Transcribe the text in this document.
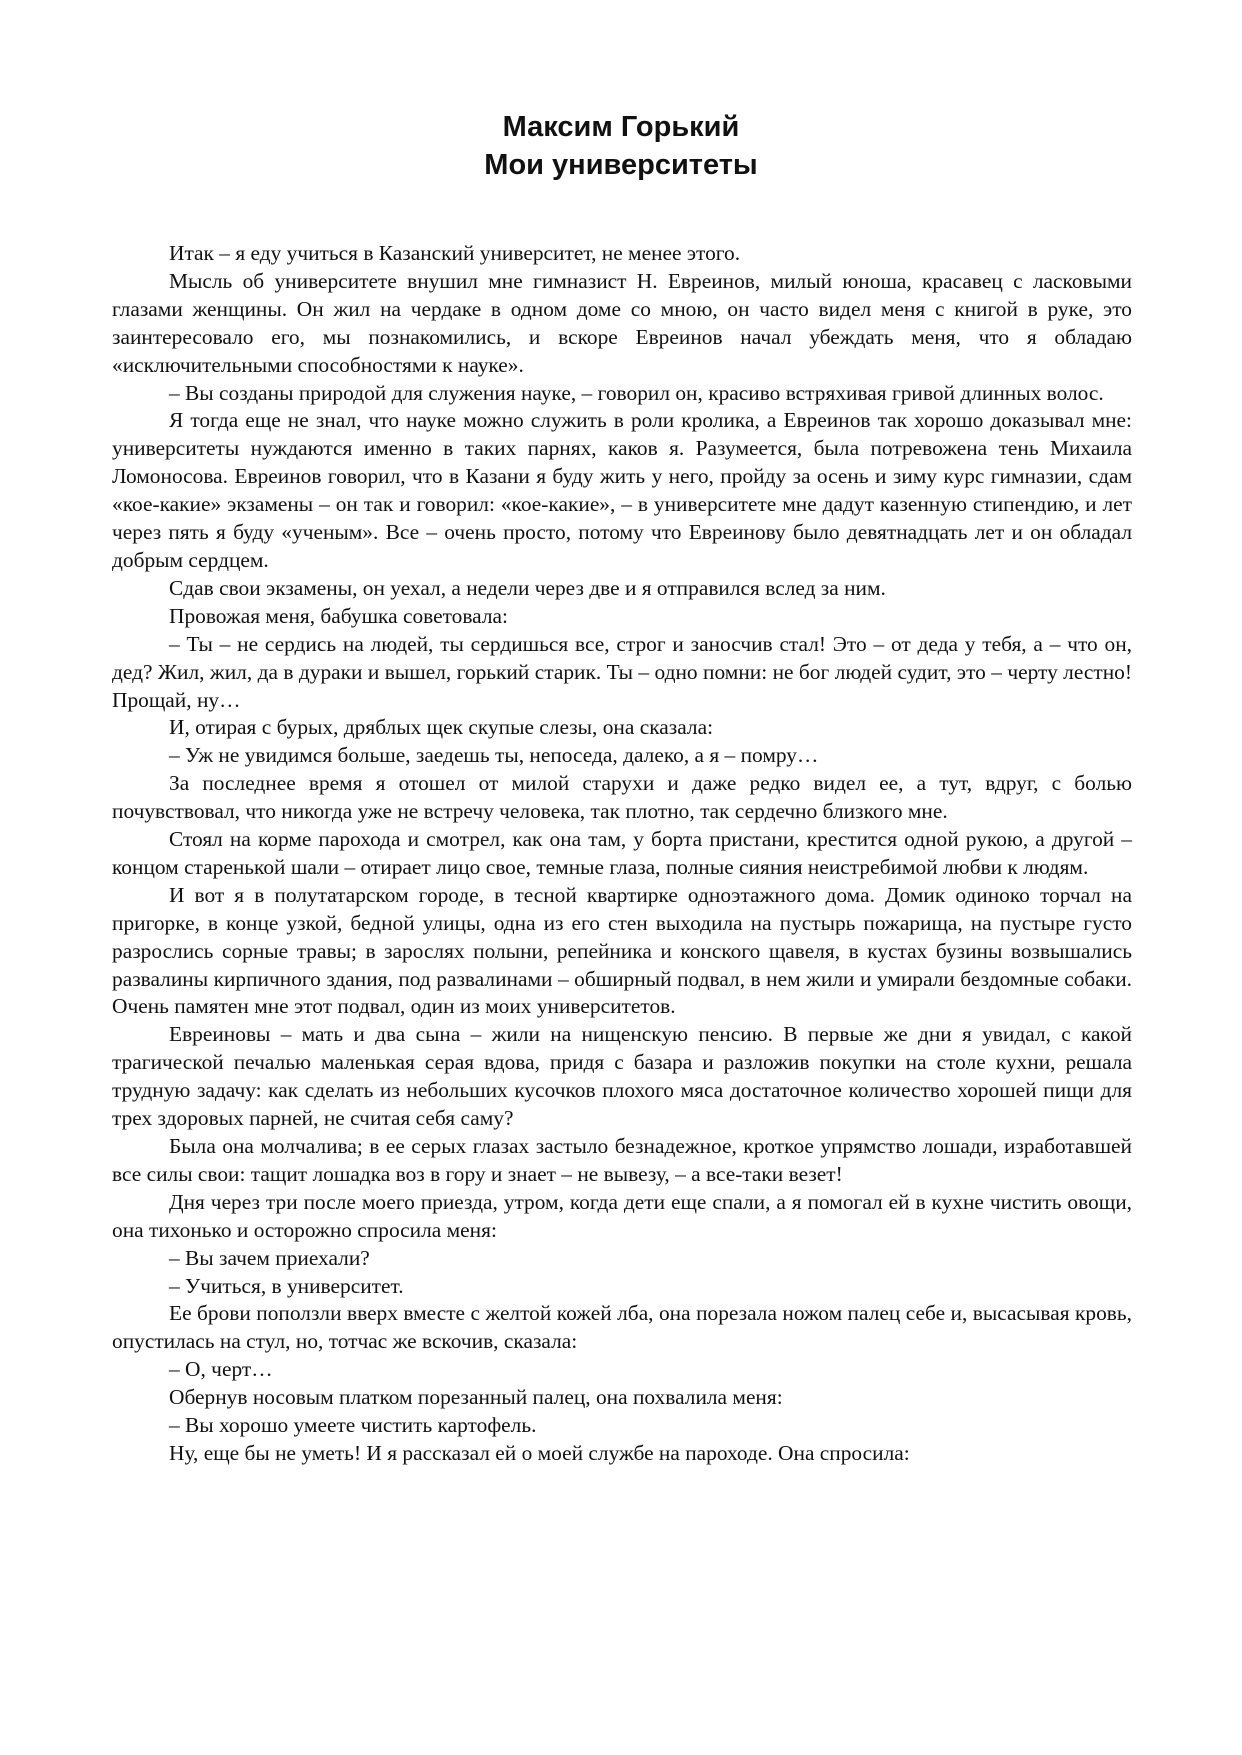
Максим Горький
Мои университеты

Итак – я еду учиться в Казанский университет, не менее этого.

Мысль об университете внушил мне гимназист Н. Евреинов, милый юноша, красавец с ласковыми глазами женщины. Он жил на чердаке в одном доме со мною, он часто видел меня с книгой в руке, это заинтересовало его, мы познакомились, и вскоре Евреинов начал убеждать меня, что я обладаю «исключительными способностями к науке».

– Вы созданы природой для служения науке, – говорил он, красиво встряхивая гривой длинных волос.

Я тогда еще не знал, что науке можно служить в роли кролика, а Евреинов так хорошо доказывал мне: университеты нуждаются именно в таких парнях, каков я. Разумеется, была потревожена тень Михаила Ломоносова. Евреинов говорил, что в Казани я буду жить у него, пройду за осень и зиму курс гимназии, сдам «кое-какие» экзамены – он так и говорил: «кое-какие», – в университете мне дадут казенную стипендию, и лет через пять я буду «ученым». Все – очень просто, потому что Евреинову было девятнадцать лет и он обладал добрым сердцем.

Сдав свои экзамены, он уехал, а недели через две и я отправился вслед за ним.

Провожая меня, бабушка советовала:

– Ты – не сердись на людей, ты сердишься все, строг и заносчив стал! Это – от деда у тебя, а – что он, дед? Жил, жил, да в дураки и вышел, горький старик. Ты – одно помни: не бог людей судит, это – черту лестно! Прощай, ну…

И, отирая с бурых, дряблых щек скупые слезы, она сказала:

– Уж не увидимся больше, заедешь ты, непоседа, далеко, а я – помру…

За последнее время я отошел от милой старухи и даже редко видел ее, а тут, вдруг, с болью почувствовал, что никогда уже не встречу человека, так плотно, так сердечно близкого мне.

Стоял на корме парохода и смотрел, как она там, у борта пристани, крестится одной рукою, а другой – концом старенькой шали – отирает лицо свое, темные глаза, полные сияния неистребимой любви к людям.

И вот я в полутатарском городе, в тесной квартирке одноэтажного дома. Домик одиноко торчал на пригорке, в конце узкой, бедной улицы, одна из его стен выходила на пустырь пожарища, на пустыре густо разрослись сорные травы; в зарослях полыни, репейника и конского щавеля, в кустах бузины возвышались развалины кирпичного здания, под развалинами – обширный подвал, в нем жили и умирали бездомные собаки. Очень памятен мне этот подвал, один из моих университетов.

Евреиновы – мать и два сына – жили на нищенскую пенсию. В первые же дни я увидал, с какой трагической печалью маленькая серая вдова, придя с базара и разложив покупки на столе кухни, решала трудную задачу: как сделать из небольших кусочков плохого мяса достаточное количество хорошей пищи для трех здоровых парней, не считая себя саму?

Была она молчалива; в ее серых глазах застыло безнадежное, кроткое упрямство лошади, изработавшей все силы свои: тащит лошадка воз в гору и знает – не вывезу, – а все-таки везет!

Дня через три после моего приезда, утром, когда дети еще спали, а я помогал ей в кухне чистить овощи, она тихонько и осторожно спросила меня:

– Вы зачем приехали?

– Учиться, в университет.

Ее брови поползли вверх вместе с желтой кожей лба, она порезала ножом палец себе и, высасывая кровь, опустилась на стул, но, тотчас же вскочив, сказала:

– О, черт…

Обернув носовым платком порезанный палец, она похвалила меня:

– Вы хорошо умеете чистить картофель.

Ну, еще бы не уметь! И я рассказал ей о моей службе на пароходе. Она спросила:
